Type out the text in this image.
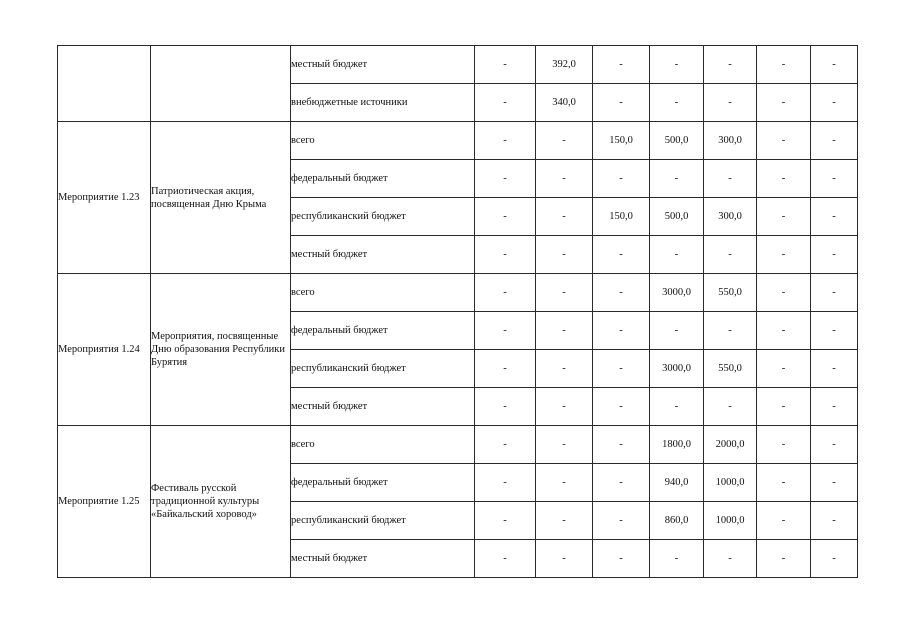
		местный бюджет	-	392,0	-	-	-	-	-
		внебюджетные источники	-	340,0	-	-	-	-	-
Мероприятие 1.23	Патриотическая акция, посвященная Дню Крыма	всего	-	-	150,0	500,0	300,0	-	-
		федеральный бюджет	-	-	-	-	-	-	-
		республиканский бюджет	-	-	150,0	500,0	300,0	-	-
		местный бюджет	-	-	-	-	-	-	-
Мероприятия 1.24	Мероприятия, посвященные Дню образования Республики Бурятия	всего	-	-	-	3000,0	550,0	-	-
		федеральный бюджет	-	-	-	-	-	-	-
		республиканский бюджет	-	-	-	3000,0	550,0	-	-
		местный бюджет	-	-	-	-	-	-	-
Мероприятие 1.25	Фестиваль русской традиционной культуры «Байкальский хоровод»	всего	-	-	-	1800,0	2000,0	-	-
		федеральный бюджет	-	-	-	940,0	1000,0	-	-
		республиканский бюджет	-	-	-	860,0	1000,0	-	-
		местный бюджет	-	-	-	-	-	-	-
